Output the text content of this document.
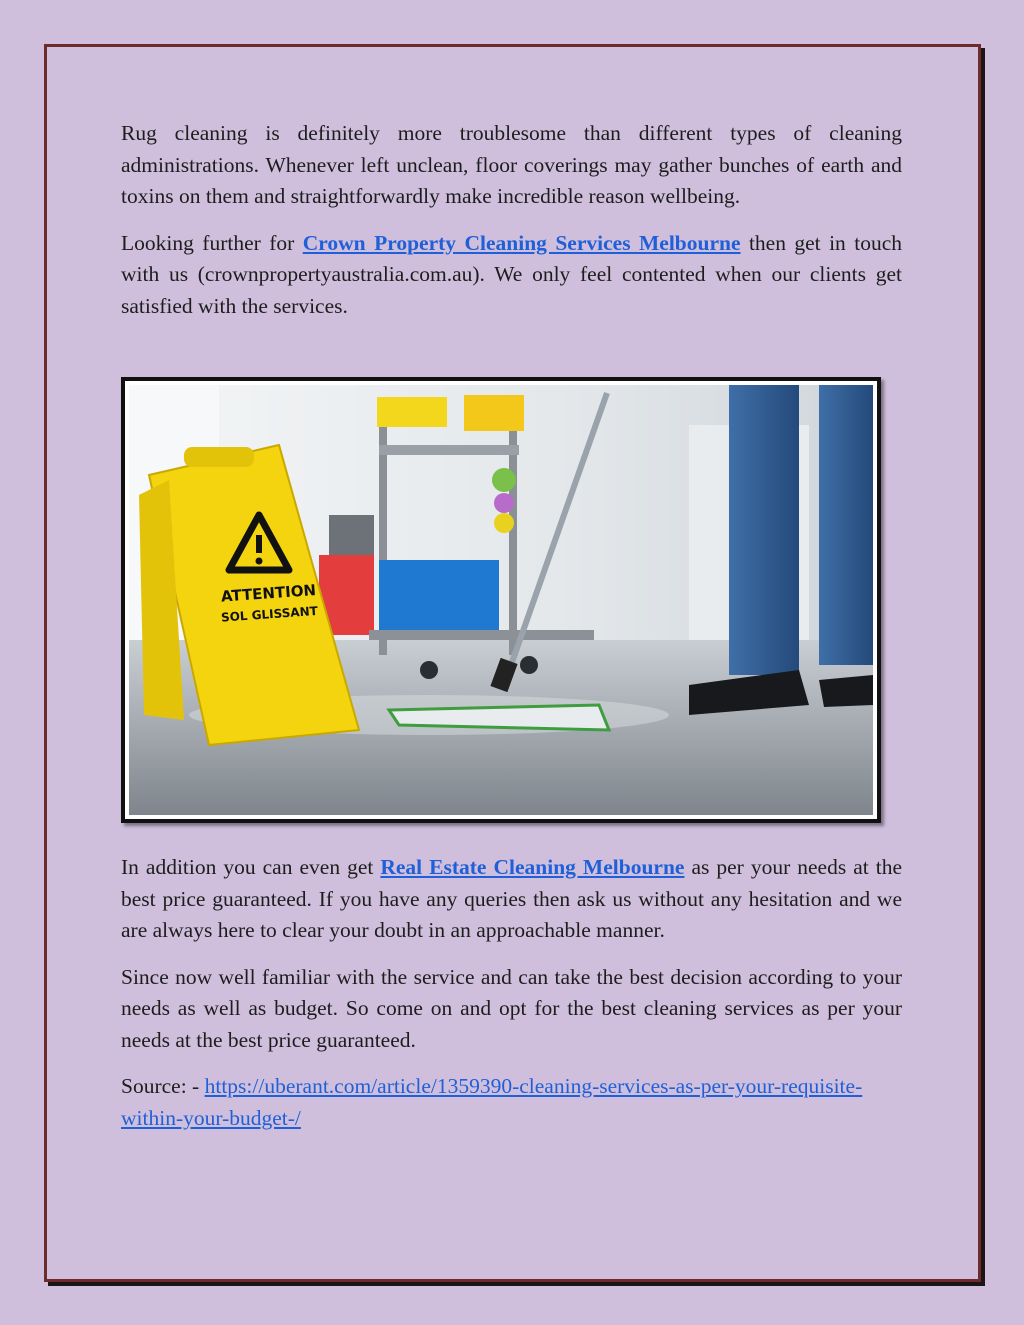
Rug cleaning is definitely more troublesome than different types of cleaning administrations. Whenever left unclean, floor coverings may gather bunches of earth and toxins on them and straightforwardly make incredible reason wellbeing.

Looking further for Crown Property Cleaning Services Melbourne then get in touch with us (crownpropertyaustralia.com.au). We only feel contented when our clients get satisfied with the services.

ATTENTION
SOL GLISSANT

In addition you can even get Real Estate Cleaning Melbourne as per your needs at the best price guaranteed. If you have any queries then ask us without any hesitation and we are always here to clear your doubt in an approachable manner.

Since now well familiar with the service and can take the best decision according to your needs as well as budget. So come on and opt for the best cleaning services as per your needs at the best price guaranteed.

Source: - https://uberant.com/article/1359390-cleaning-services-as-per-your-requisite-within-your-budget-/
